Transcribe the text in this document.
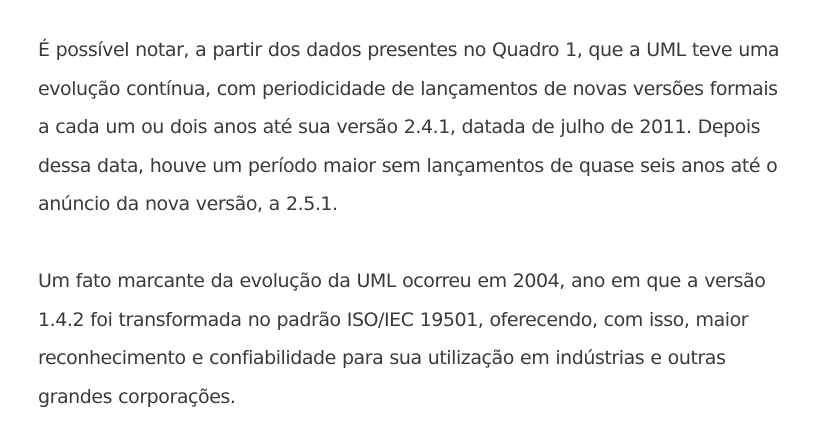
É possível notar, a partir dos dados presentes no Quadro 1, que a UML teve uma
evolução contínua, com periodicidade de lançamentos de novas versões formais
a cada um ou dois anos até sua versão 2.4.1, datada de julho de 2011. Depois
dessa data, houve um período maior sem lançamentos de quase seis anos até o
anúncio da nova versão, a 2.5.1.

Um fato marcante da evolução da UML ocorreu em 2004, ano em que a versão
1.4.2 foi transformada no padrão ISO/IEC 19501, oferecendo, com isso, maior
reconhecimento e confiabilidade para sua utilização em indústrias e outras
grandes corporações.
